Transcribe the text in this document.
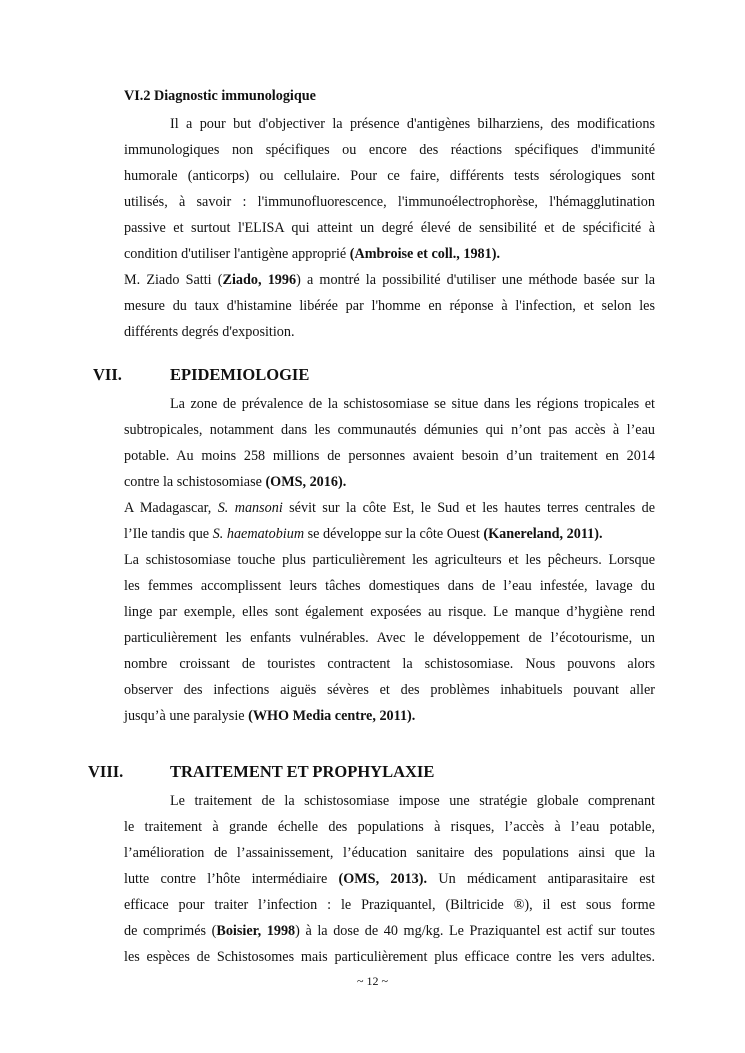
VI.2 Diagnostic immunologique
Il a pour but d'objectiver la présence d'antigènes bilharziens, des modifications
immunologiques non spécifiques ou encore des réactions spécifiques d'immunité
humorale (anticorps) ou cellulaire. Pour ce faire, différents tests sérologiques sont
utilisés, à savoir : l'immunofluorescence, l'immunoélectrophorèse, l'hémagglutination
passive et surtout l'ELISA qui atteint un degré élevé de sensibilité et de spécificité à
condition d'utiliser l'antigène approprié (Ambroise et coll., 1981).
M. Ziado Satti (Ziado, 1996) a montré la possibilité d'utiliser une méthode basée sur la
mesure du taux d'histamine libérée par l'homme en réponse à l'infection, et selon les
différents degrés d'exposition.
VII.	EPIDEMIOLOGIE
La zone de prévalence de la schistosomiase se situe dans les régions tropicales et
subtropicales, notamment dans les communautés démunies qui n’ont pas accès à l’eau
potable. Au moins 258 millions de personnes avaient besoin d’un traitement en 2014
contre la schistosomiase (OMS, 2016).
A Madagascar, S. mansoni sévit sur la côte Est, le Sud et les hautes terres centrales de
l’Ile tandis que S. haematobium se développe sur la côte Ouest (Kanereland, 2011).
La schistosomiase touche plus particulièrement les agriculteurs et les pêcheurs. Lorsque
les femmes accomplissent leurs tâches domestiques dans de l’eau infestée, lavage du
linge par exemple, elles sont également exposées au risque. Le manque d’hygiène rend
particulièrement les enfants vulnérables. Avec le développement de l’écotourisme, un
nombre croissant de touristes contractent la schistosomiase. Nous pouvons alors
observer des infections aiguës sévères et des problèmes inhabituels pouvant aller
jusqu’à une paralysie (WHO Media centre, 2011).
VIII.	TRAITEMENT ET PROPHYLAXIE
Le traitement de la schistosomiase impose une stratégie globale comprenant
le traitement à grande échelle des populations à risques, l’accès à l’eau potable,
l’amélioration de l’assainissement, l’éducation sanitaire des populations ainsi que la
lutte contre l’hôte intermédiaire (OMS, 2013). Un médicament antiparasitaire est
efficace pour traiter l’infection : le Praziquantel, (Biltricide ®), il est sous forme
de comprimés (Boisier, 1998) à la dose de 40 mg/kg. Le Praziquantel est actif sur toutes
les espèces de Schistosomes mais particulièrement plus efficace contre les vers adultes.
~ 12 ~
